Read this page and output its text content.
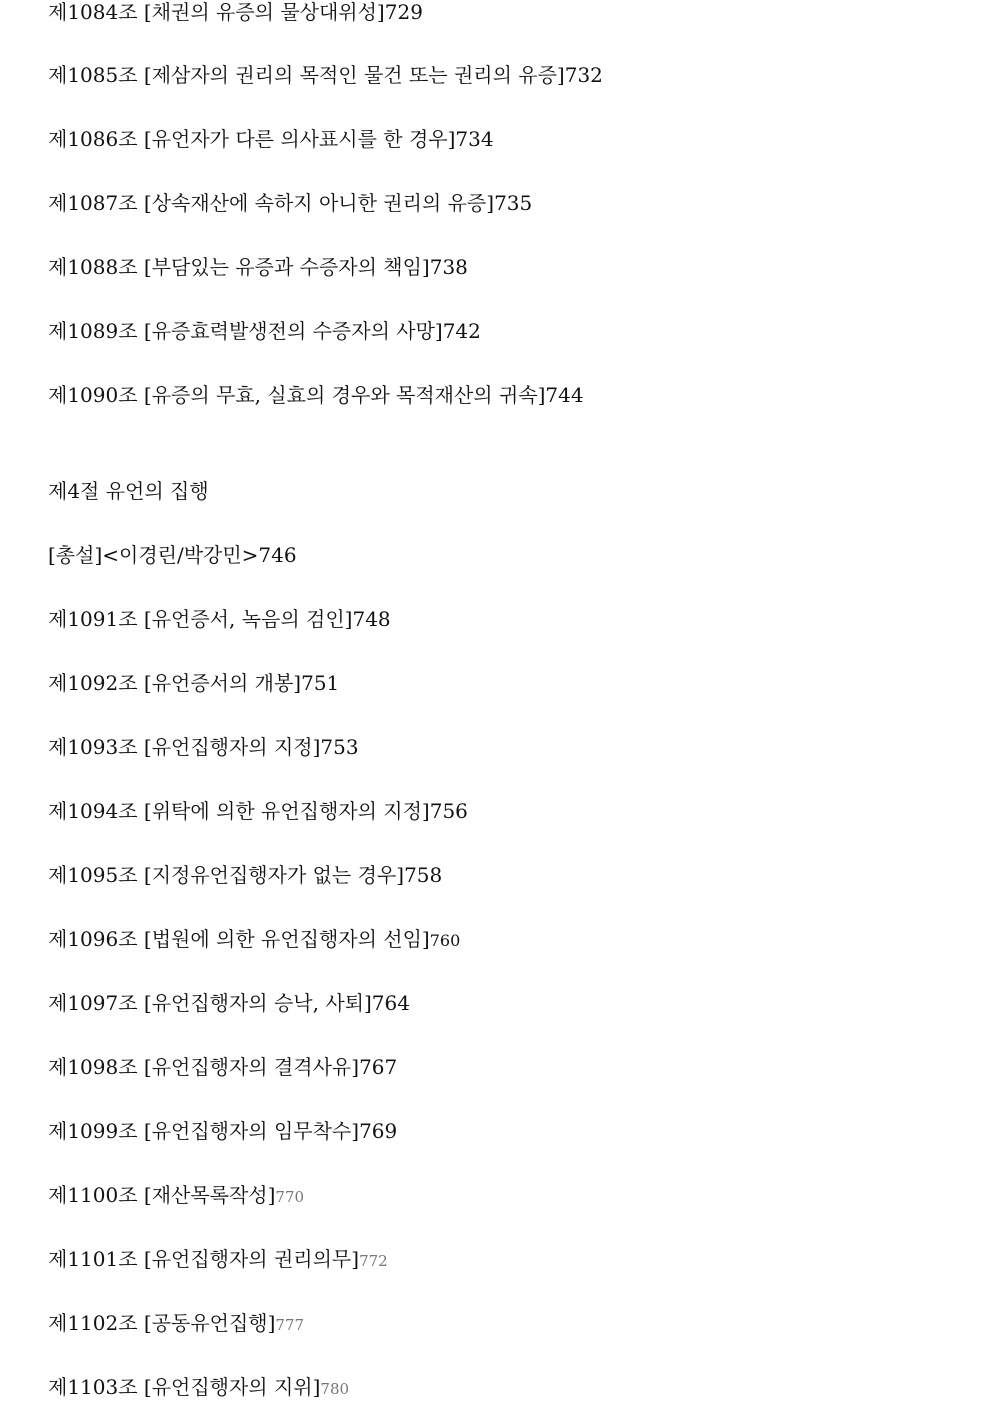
제1084조 [채권의 유증의 물상대위성]729
제1085조 [제삼자의 권리의 목적인 물건 또는 권리의 유증]732
제1086조 [유언자가 다른 의사표시를 한 경우]734
제1087조 [상속재산에 속하지 아니한 권리의 유증]735
제1088조 [부담있는 유증과 수증자의 책임]738
제1089조 [유증효력발생전의 수증자의 사망]742
제1090조 [유증의 무효, 실효의 경우와 목적재산의 귀속]744
제4절 유언의 집행
[총설]<이경린/박강민>746
제1091조 [유언증서, 녹음의 검인]748
제1092조 [유언증서의 개봉]751
제1093조 [유언집행자의 지정]753
제1094조 [위탁에 의한 유언집행자의 지정]756
제1095조 [지정유언집행자가 없는 경우]758
제1096조 [법원에 의한 유언집행자의 선임]760
제1097조 [유언집행자의 승낙, 사퇴]764
제1098조 [유언집행자의 결격사유]767
제1099조 [유언집행자의 임무착수]769
제1100조 [재산목록작성]770
제1101조 [유언집행자의 권리의무]772
제1102조 [공동유언집행]777
제1103조 [유언집행자의 지위]780
